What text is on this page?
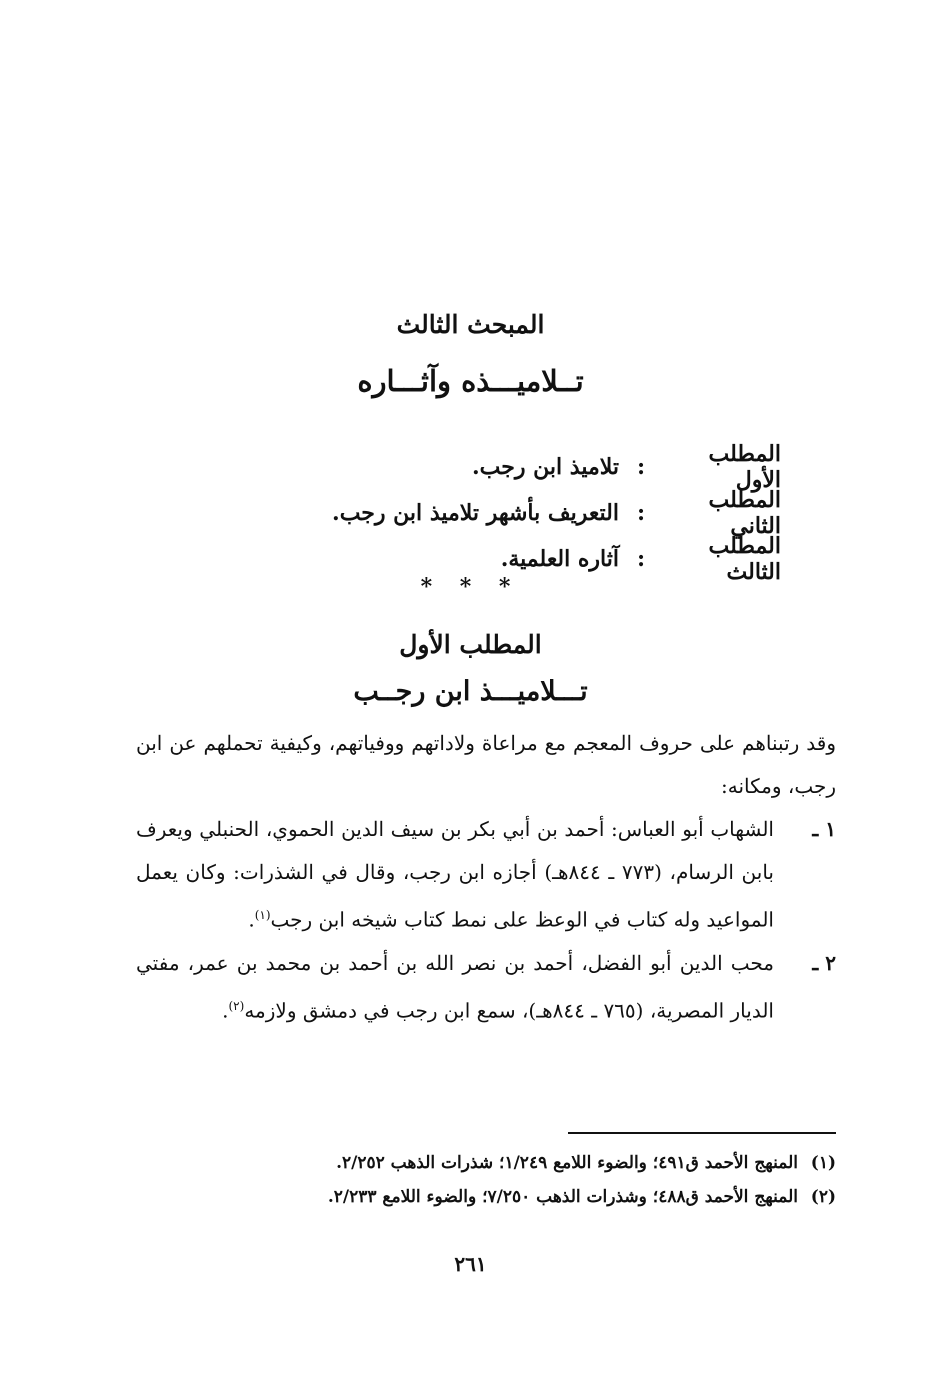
المبحث الثالث
تــلاميـــذه وآثـــاره
المطلب الأول
:
تلاميذ ابن رجب.
المطلب الثاني
:
التعريف بأشهر تلاميذ ابن رجب.
المطلب الثالث
:
آثاره العلمية.
* * *
المطلب الأول
تـــلاميـــذ ابن رجــب

وقد رتبناهم على حروف المعجم مع مراعاة ولاداتهم ووفياتهم، وكيفية تحملهم عن ابن رجب، ومكانه:

١ ـ
الشهاب أبو العباس: أحمد بن أبي بكر بن سيف الدين الحموي، الحنبلي ويعرف بابن الرسام، (٧٧٣ ـ ٨٤٤هـ) أجازه ابن رجب، وقال في الشذرات: وكان يعمل المواعيد وله كتاب في الوعظ على نمط كتاب شيخه ابن رجب$^{(١)}$.
٢ ـ
محب الدين أبو الفضل، أحمد بن نصر الله بن أحمد بن محمد بن عمر، مفتي الديار المصرية، (٧٦٥ ـ ٨٤٤هـ)، سمع ابن رجب في دمشق ولازمه$^{(٢)}$.
(١)
المنهج الأحمد ق٤٩١؛ والضوء اللامع ١/٢٤٩؛ شذرات الذهب ٢/٢٥٢.
(٢)
المنهج الأحمد ق٤٨٨؛ وشذرات الذهب ٧/٢٥٠؛ والضوء اللامع ٢/٢٣٣.
٢٦١
